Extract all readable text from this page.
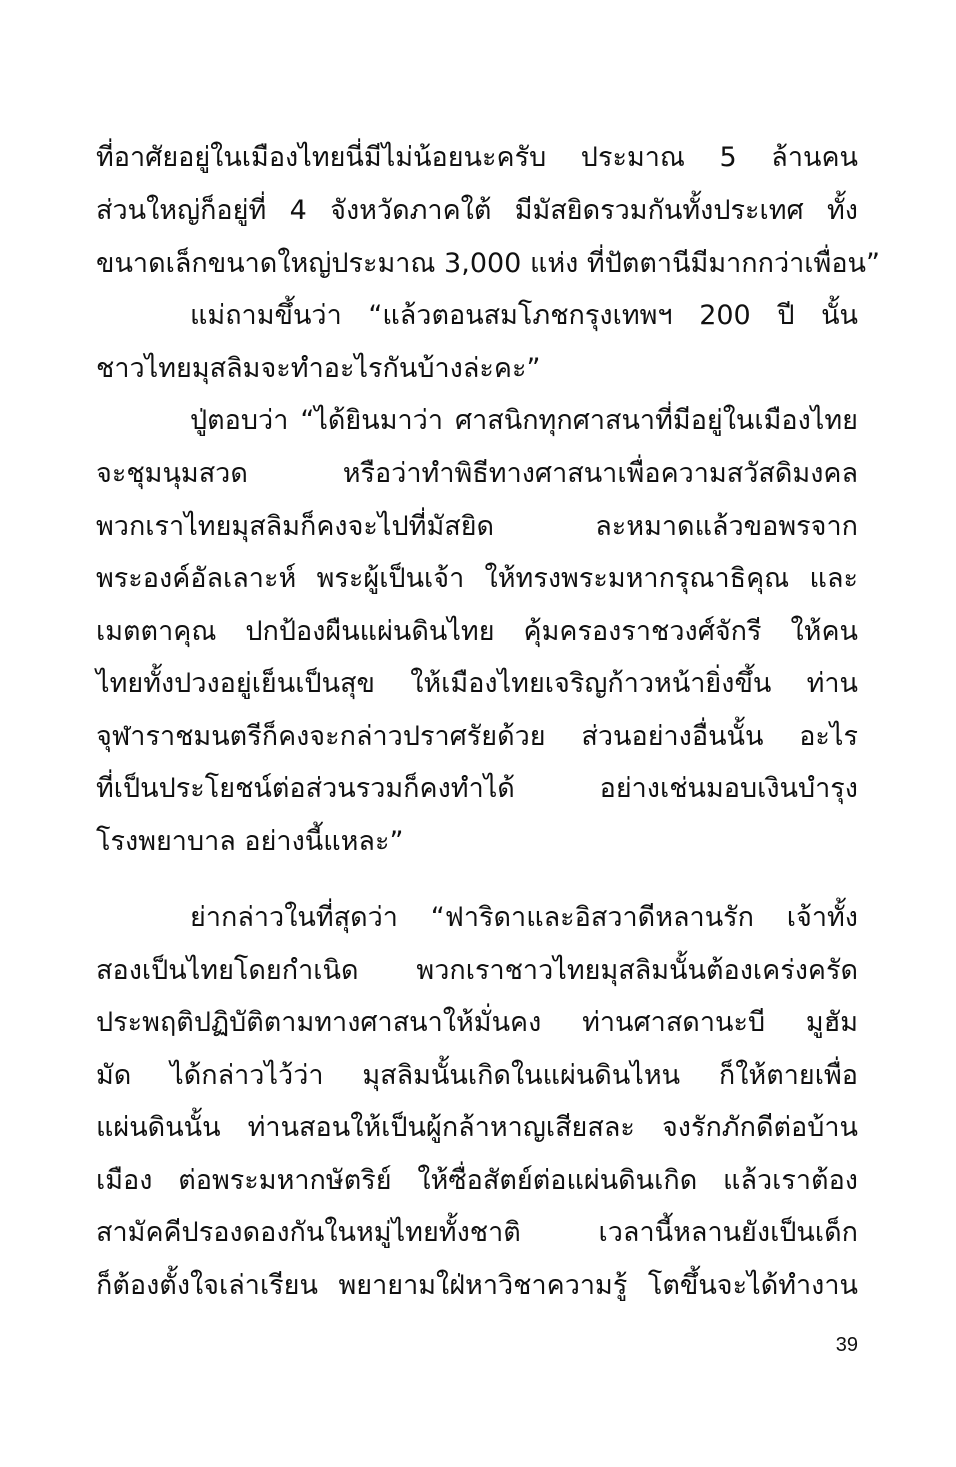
ที่อาศัยอยู่ในเมืองไทยนี่มีไม่น้อยนะครับ ประมาณ 5 ล้านคน
ส่วนใหญ่ก็อยู่ที่ 4 จังหวัดภาคใต้ มีมัสยิดรวมกันทั้งประเทศ ทั้ง
ขนาดเล็กขนาดใหญ่ประมาณ 3,000 แห่ง ที่ปัตตานีมีมากกว่าเพื่อน”
แม่ถามขึ้นว่า “แล้วตอนสมโภชกรุงเทพฯ 200 ปี นั้น
ชาวไทยมุสลิมจะทำอะไรกันบ้างล่ะคะ”
ปู่ตอบว่า “ได้ยินมาว่า ศาสนิกทุกศาสนาที่มีอยู่ในเมืองไทย
จะชุมนุมสวด หรือว่าทำพิธีทางศาสนาเพื่อความสวัสดิมงคล
พวกเราไทยมุสลิมก็คงจะไปที่มัสยิด ละหมาดแล้วขอพรจาก
พระองค์อัลเลาะห์ พระผู้เป็นเจ้า ให้ทรงพระมหากรุณาธิคุณ และ
เมตตาคุณ ปกป้องผืนแผ่นดินไทย คุ้มครองราชวงศ์จักรี ให้คน
ไทยทั้งปวงอยู่เย็นเป็นสุข ให้เมืองไทยเจริญก้าวหน้ายิ่งขึ้น ท่าน
จุฬาราชมนตรีก็คงจะกล่าวปราศรัยด้วย ส่วนอย่างอื่นนั้น อะไร
ที่เป็นประโยชน์ต่อส่วนรวมก็คงทำได้ อย่างเช่นมอบเงินบำรุง
โรงพยาบาล อย่างนี้แหละ”
ย่ากล่าวในที่สุดว่า “ฟาริดาและอิสวาดีหลานรัก เจ้าทั้ง
สองเป็นไทยโดยกำเนิด พวกเราชาวไทยมุสลิมนั้นต้องเคร่งครัด
ประพฤติปฏิบัติตามทางศาสนาให้มั่นคง ท่านศาสดานะบี มูฮัม
มัด ได้กล่าวไว้ว่า มุสลิมนั้นเกิดในแผ่นดินไหน ก็ให้ตายเพื่อ
แผ่นดินนั้น ท่านสอนให้เป็นผู้กล้าหาญเสียสละ จงรักภักดีต่อบ้าน
เมือง ต่อพระมหากษัตริย์ ให้ซื่อสัตย์ต่อแผ่นดินเกิด แล้วเราต้อง
สามัคคีปรองดองกันในหมู่ไทยทั้งชาติ เวลานี้หลานยังเป็นเด็ก
ก็ต้องตั้งใจเล่าเรียน พยายามใฝ่หาวิชาความรู้ โตขึ้นจะได้ทำงาน
39
